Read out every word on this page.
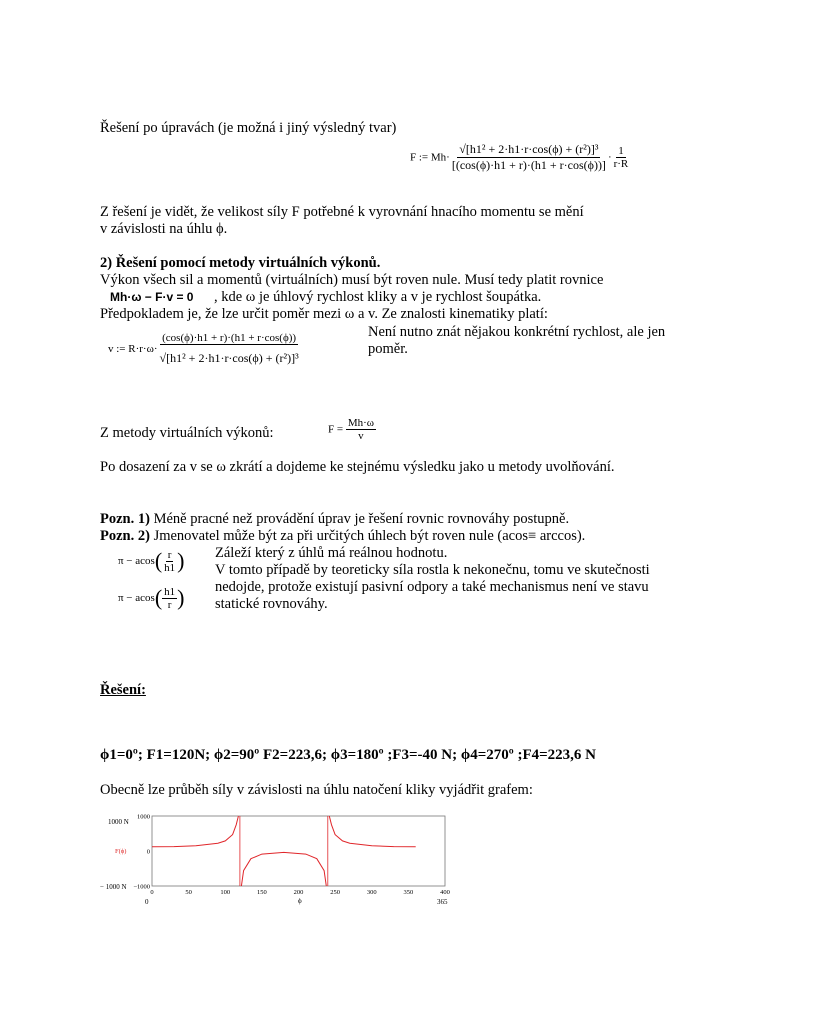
Řešení po úpravách (je možná i jiný výsledný tvar)
F := $Mh\cdot \frac{\text{√[h1² + 2·h1·r·cos(ϕ) + (r²)]³}}{[(\cos(\phi)\cdot h1 + r)\cdot(h1 + r\cdot\cos(\phi))]} \cdot \frac{1}{r\cdot R}$
Z řešení je vidět, že velikost síly F potřebné k vyrovnání hnacího momentu se mění
v závislosti na úhlu ϕ.
2) Řešení pomocí metody virtuálních výkonů.
Výkon všech sil a momentů (virtuálních) musí být roven nule. Musí tedy platit rovnice
Mh·ω − F·v = 0 , kde ω je úhlový rychlost kliky a v je rychlost šoupátka.
Předpokladem je, že lze určit poměr mezi ω a v. Ze znalosti kinematiky platí:
v := $R\cdot r\cdot\omega\cdot \frac{(\cos(\phi)\cdot h1 + r)\cdot(h1 + r\cdot\cos(\phi))}{\text{√[h1² + 2·h1·r·cos(ϕ) + (r²)]³}}$	Není nutno znát nějakou konkrétní rychlost, ale jen
poměr.
Z metody virtuálních výkonů:	$F = \frac{Mh\cdot\omega}{v}$
Po dosazení za v se ω zkrátí a dojdeme ke stejnému výsledku jako u metody uvolňování.
Pozn. 1) Méně pracné než provádění úprav je řešení rovnic rovnováhy postupně.
Pozn. 2) Jmenovatel může být za při určitých úhlech být roven nule (acos≡ arccos).
$\pi - acos( \frac{r}{h1}$ )
$\pi - acos( \frac{h1}{r}$ )
Záleží který z úhlů má reálnou hodnotu.
V tomto případě by teoreticky síla rostla k nekonečnu, tomu ve skutečnosti
nedojde, protože existují pasivní odpory a také mechanismus není ve stavu
statické rovnováhy.
Řešení:
ϕ1=0º; F1=120N; ϕ2=90º F2=223,6; ϕ3=180º ;F3=-40 N; ϕ4=270º ;F4=223,6 N
Obecně lze průběh síly v závislosti na úhlu natočení kliky vyjádřit grafem:
1000 N
− 1000 N
F(ϕ)
ϕ
0	365
0	50	100	150	200	250	300	350	400
1000
0
−1000
